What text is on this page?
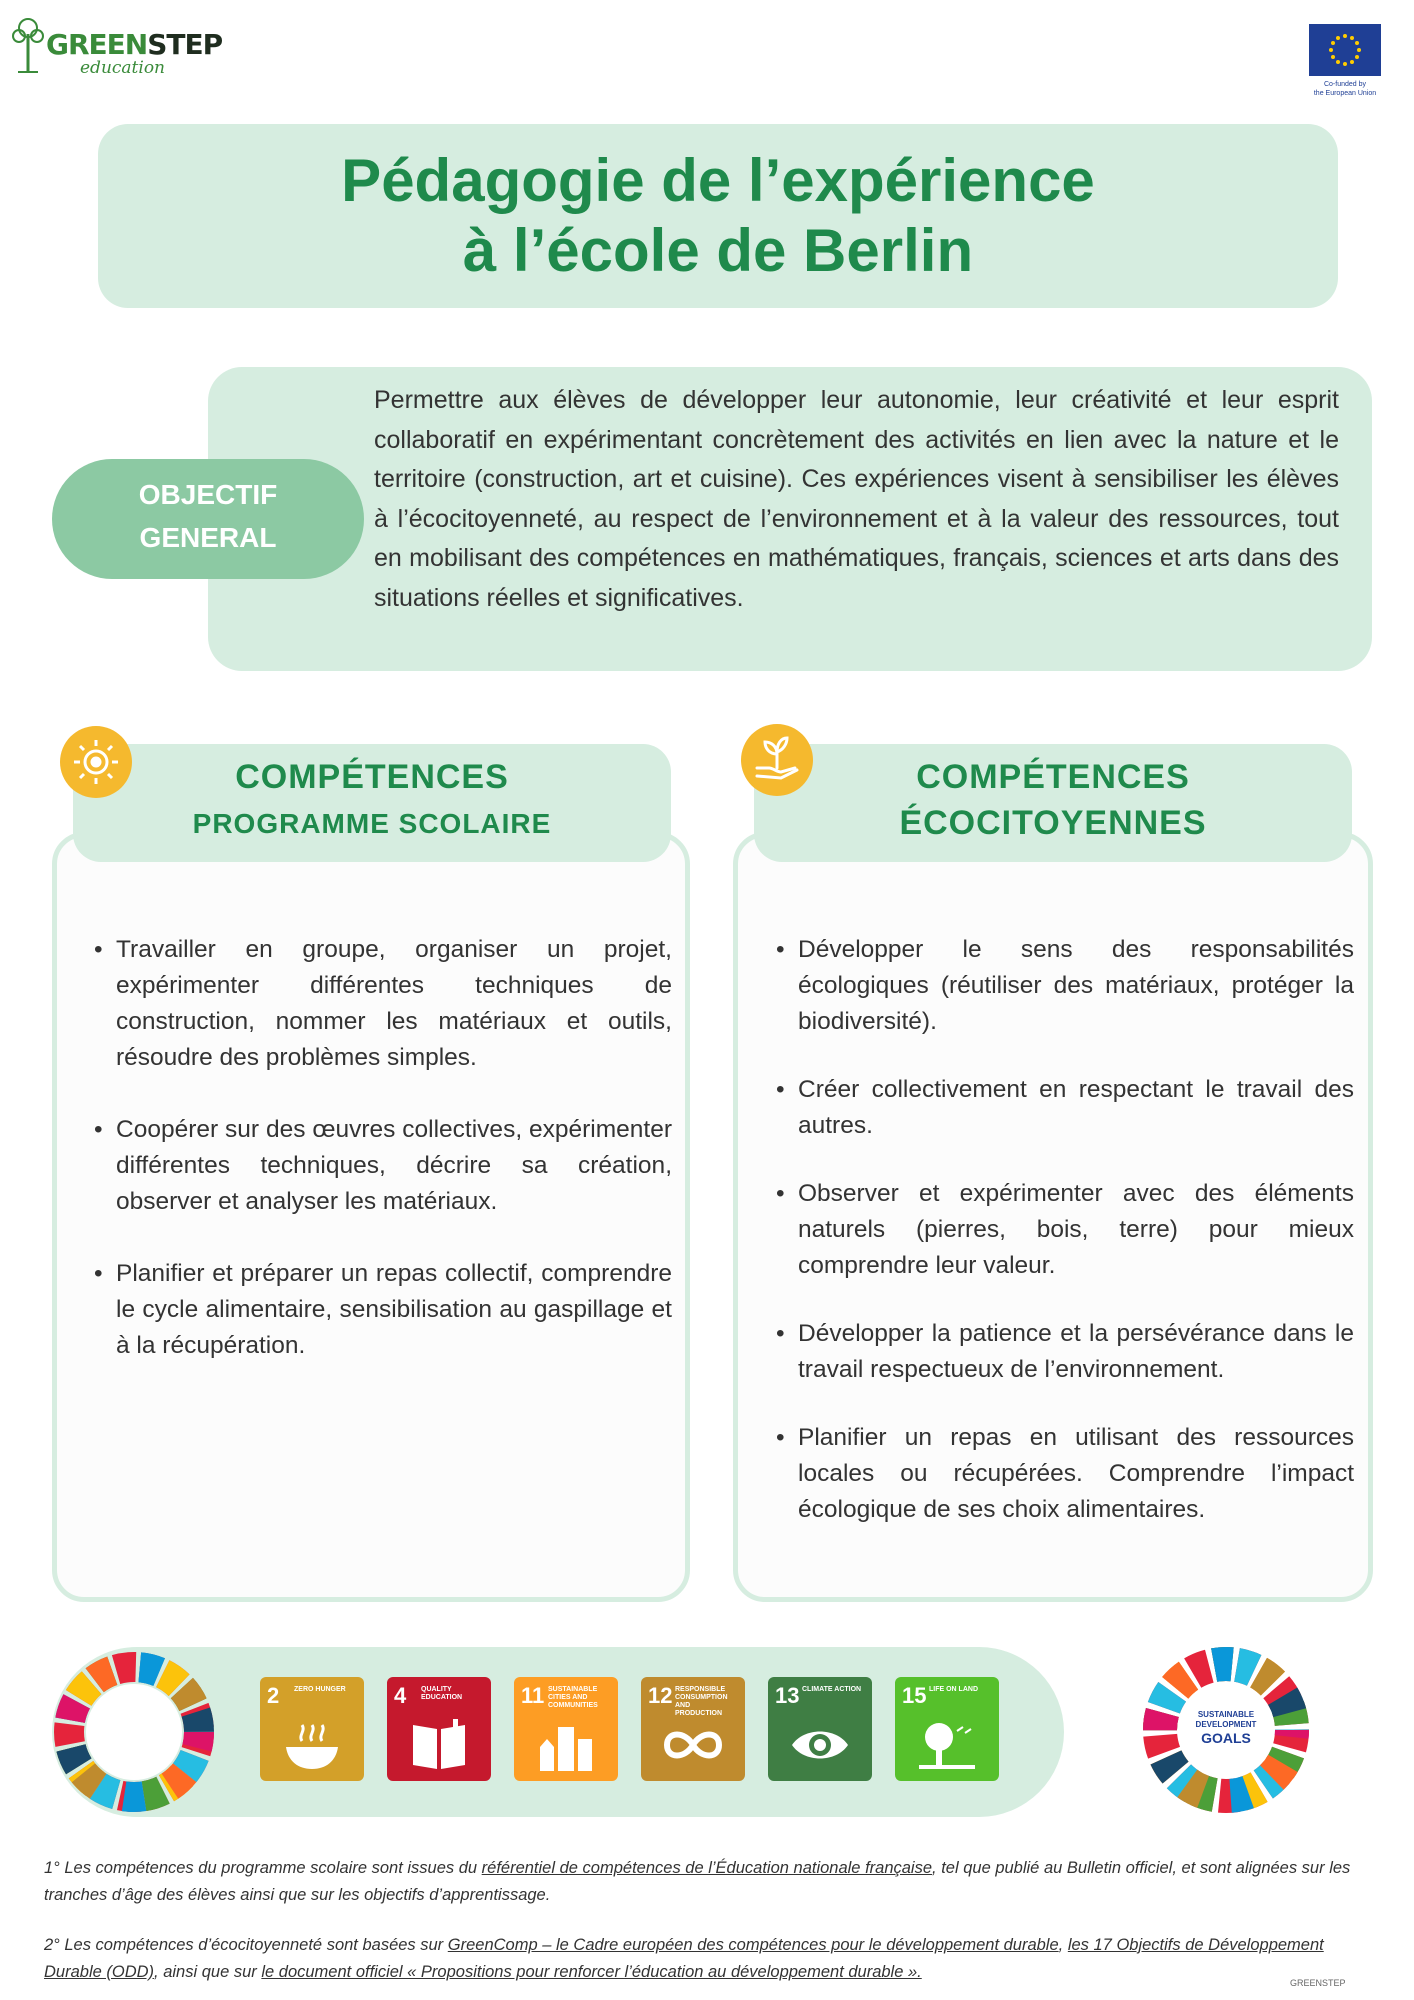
GREENSTEP
education
Co-funded by
the European Union
Pédagogie de l’expérience
à l’école de Berlin
OBJECTIF
GENERAL
Permettre aux élèves de développer leur autonomie, leur créativité et leur esprit collaboratif en expérimentant concrètement des activités en lien avec la nature et le territoire (construction, art et cuisine). Ces expériences visent à sensibiliser les élèves à l’écocitoyenneté, au respect de l’environnement et à la valeur des ressources, tout en mobilisant des compétences en mathématiques, français, sciences et arts dans des situations réelles et significatives.
COMPÉTENCES
PROGRAMME SCOLAIRE
• Travailler en groupe, organiser un projet, expérimenter différentes techniques de construction, nommer les matériaux et outils, résoudre des problèmes simples.
• Coopérer sur des œuvres collectives, expérimenter différentes techniques, décrire sa création, observer et analyser les matériaux.
• Planifier et préparer un repas collectif, comprendre le cycle alimentaire, sensibilisation au gaspillage et à la récupération.
COMPÉTENCES
ÉCOCITOYENNES
• Développer le sens des responsabilités écologiques (réutiliser des matériaux, protéger la biodiversité).
• Créer collectivement en respectant le travail des autres.
• Observer et expérimenter avec des éléments naturels (pierres, bois, terre) pour mieux comprendre leur valeur.
• Développer la patience et la persévérance dans le travail respectueux de l’environnement.
• Planifier un repas en utilisant des ressources locales ou récupérées. Comprendre l’impact écologique de ses choix alimentaires.
2 ZERO HUNGER	4 QUALITY EDUCATION	11 SUSTAINABLE CITIES AND COMMUNITIES	12 RESPONSIBLE CONSUMPTION AND PRODUCTION
13 CLIMATE ACTION 15 LIFE ON LAND
SUSTAINABLE
DEVELOPMENT
GOALS
1° Les compétences du programme scolaire sont issues du référentiel de compétences de l’Éducation nationale française, tel que publié au Bulletin officiel, et sont alignées sur les tranches d’âge des élèves ainsi que sur les objectifs d’apprentissage.
2° Les compétences d’écocitoyenneté sont basées sur GreenComp – le Cadre européen des compétences pour le développement durable, les 17 Objectifs de Développement Durable (ODD), ainsi que sur le document officiel « Propositions pour renforcer l’éducation au développement durable ».
GREENSTEP
